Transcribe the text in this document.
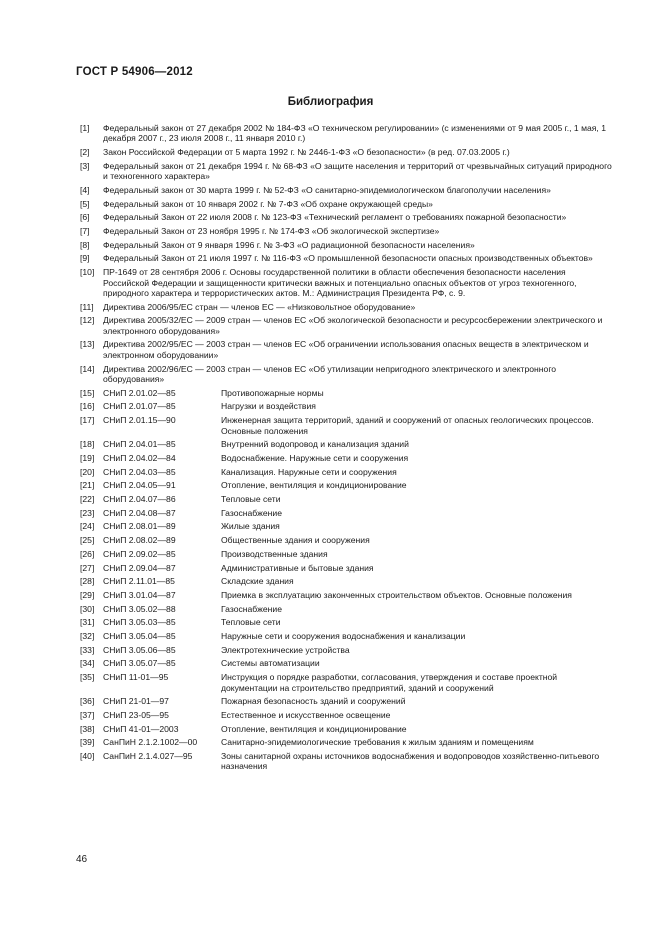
ГОСТ Р 54906—2012
Библиография
[1]	Федеральный закон от 27 декабря 2002 № 184-ФЗ «О техническом регулировании» (с изменениями от 9 мая 2005 г., 1 мая, 1 декабря 2007 г., 23 июля 2008 г., 11 января 2010 г.)
[2]	Закон Российской Федерации от 5 марта 1992 г. № 2446-1-ФЗ «О безопасности» (в ред. 07.03.2005 г.)
[3]	Федеральный закон от 21 декабря 1994 г. № 68-ФЗ «О защите населения и территорий от чрезвычайных ситуаций природного и техногенного характера»
[4]	Федеральный закон от 30 марта 1999 г. № 52-ФЗ «О санитарно-эпидемиологическом благополучии населения»
[5]	Федеральный закон от 10 января 2002 г. № 7-ФЗ «Об охране окружающей среды»
[6]	Федеральный Закон от 22 июля 2008 г. № 123-ФЗ «Технический регламент о требованиях пожарной безопасности»
[7]	Федеральный Закон от 23 ноября 1995 г. № 174-ФЗ «Об экологической экспертизе»
[8]	Федеральный Закон от 9 января 1996 г. № 3-ФЗ «О радиационной безопасности населения»
[9]	Федеральный Закон от 21 июля 1997 г. № 116-ФЗ «О промышленной безопасности опасных производственных объектов»
[10]	ПР-1649 от 28 сентября 2006 г. Основы государственной политики в области обеспечения безопасности населения Российской Федерации и защищенности критически важных и потенциально опасных объектов от угроз техногенного, природного характера и террористических актов. М.: Администрация Президента РФ, с. 9.
[11]	Директива 2006/95/ЕС стран — членов ЕС — «Низковольтное оборудование»
[12]	Директива 2005/32/ЕС — 2009 стран — членов ЕС «Об экологической безопасности и ресурсосбережении электрического и электронного оборудования»
[13]	Директива 2002/95/ЕС — 2003 стран — членов ЕС «Об ограничении использования опасных веществ в электрическом и электронном оборудовании»
[14]	Директива 2002/96/ЕС — 2003 стран — членов ЕС «Об утилизации непригодного электрического и электронного оборудования»
[15]	СНиП 2.01.02—85	Противопожарные нормы
[16]	СНиП 2.01.07—85	Нагрузки и воздействия
[17]	СНиП 2.01.15—90	Инженерная защита территорий, зданий и сооружений от опасных геологических процессов. Основные положения
[18]	СНиП 2.04.01—85	Внутренний водопровод и канализация зданий
[19]	СНиП 2.04.02—84	Водоснабжение. Наружные сети и сооружения
[20]	СНиП 2.04.03—85	Канализация. Наружные сети и сооружения
[21]	СНиП 2.04.05—91	Отопление, вентиляция и кондиционирование
[22]	СНиП 2.04.07—86	Тепловые сети
[23]	СНиП 2.04.08—87	Газоснабжение
[24]	СНиП 2.08.01—89	Жилые здания
[25]	СНиП 2.08.02—89	Общественные здания и сооружения
[26]	СНиП 2.09.02—85	Производственные здания
[27]	СНиП 2.09.04—87	Административные и бытовые здания
[28]	СНиП 2.11.01—85	Складские здания
[29]	СНиП 3.01.04—87	Приемка в эксплуатацию законченных строительством объектов. Основные положения
[30]	СНиП 3.05.02—88	Газоснабжение
[31]	СНиП 3.05.03—85	Тепловые сети
[32]	СНиП 3.05.04—85	Наружные сети и сооружения водоснабжения и канализации
[33]	СНиП 3.05.06—85	Электротехнические устройства
[34]	СНиП 3.05.07—85	Системы автоматизации
[35]	СНиП 11-01—95	Инструкция о порядке разработки, согласования, утверждения и составе проектной документации на строительство предприятий, зданий и сооружений
[36]	СНиП 21-01—97	Пожарная безопасность зданий и сооружений
[37]	СНиП 23-05—95	Естественное и искусственное освещение
[38]	СНиП 41-01—2003	Отопление, вентиляция и кондиционирование
[39]	СанПиН 2.1.2.1002—00	Санитарно-эпидемиологические требования к жилым зданиям и помещениям
[40]	СанПиН 2.1.4.027—95	Зоны санитарной охраны источников водоснабжения и водопроводов хозяйственно-питьевого назначения
46
